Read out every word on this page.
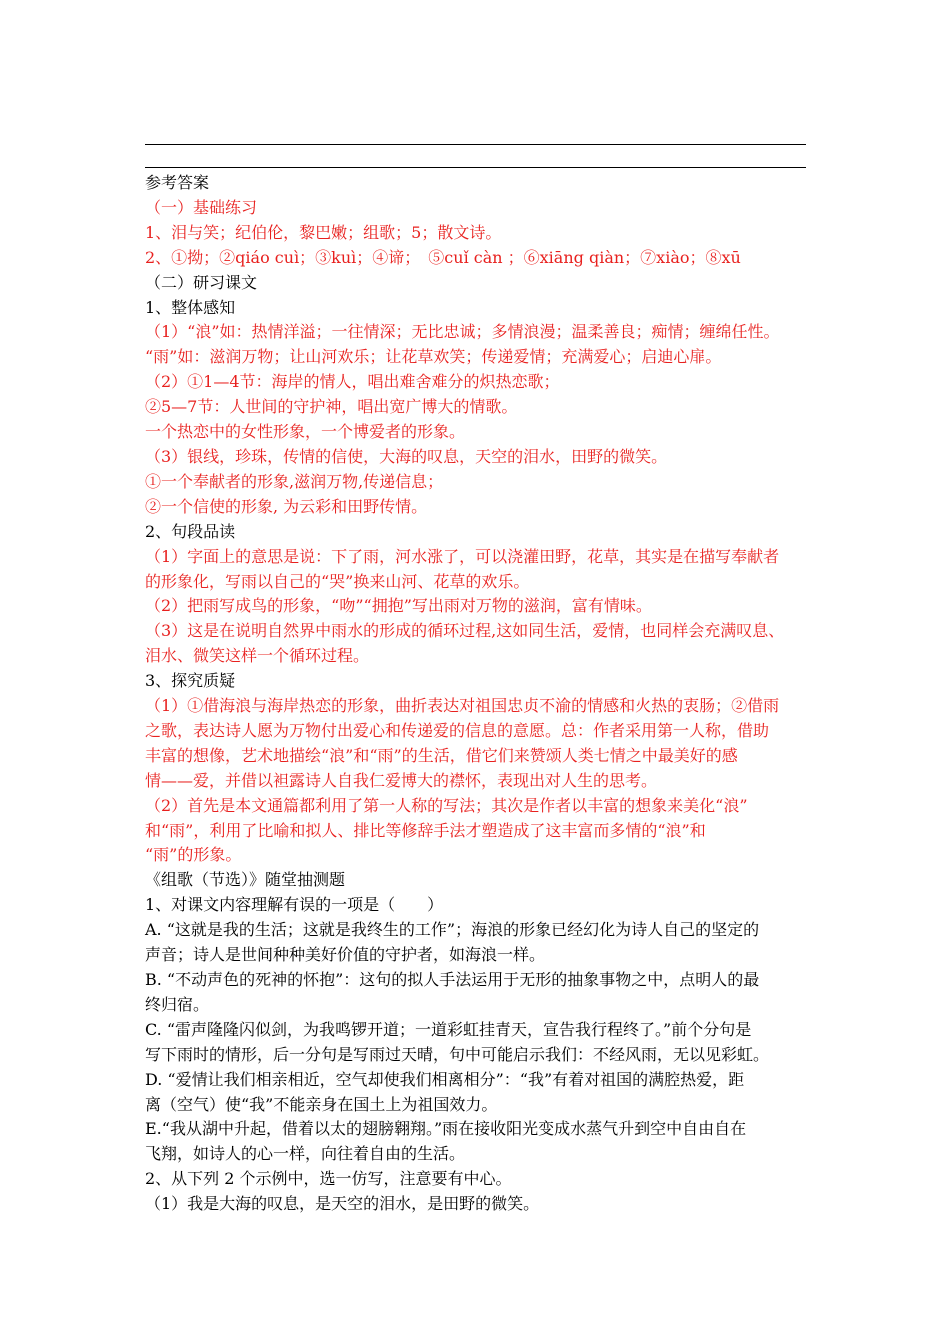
参考答案
（一）基础练习
1、泪与笑；纪伯伦，黎巴嫩；组歌；5；散文诗。
2、①拗；②qiáo cuì；③kuì；④谛；　⑤cuǐ càn ；⑥xiāng qiàn；⑦xiào；⑧xū
（二）研习课文
1、整体感知
（1）“浪”如：热情洋溢；一往情深；无比忠诚；多情浪漫；温柔善良；痴情；缠绵任性。
“雨”如：滋润万物；让山河欢乐；让花草欢笑；传递爱情；充满爱心；启迪心扉。
（2）①1—4节：海岸的情人，唱出难舍难分的炽热恋歌；
②5—7节：人世间的守护神，唱出宽广博大的情歌。
一个热恋中的女性形象，一个博爱者的形象。
（3）银线，珍珠，传情的信使，大海的叹息，天空的泪水，田野的微笑。
①一个奉献者的形象,滋润万物,传递信息；
②一个信使的形象, 为云彩和田野传情。
2、句段品读
（1）字面上的意思是说：下了雨，河水涨了，可以浇灌田野，花草，其实是在描写奉献者
的形象化，写雨以自己的“哭”换来山河、花草的欢乐。
（2）把雨写成鸟的形象，“吻”“拥抱”写出雨对万物的滋润，富有情味。
（3）这是在说明自然界中雨水的形成的循环过程,这如同生活，爱情，也同样会充满叹息、
泪水、微笑这样一个循环过程。
3、探究质疑
（1）①借海浪与海岸热恋的形象，曲折表达对祖国忠贞不渝的情感和火热的衷肠；②借雨
之歌，表达诗人愿为万物付出爱心和传递爱的信息的意愿。总：作者采用第一人称，借助
丰富的想像，艺术地描绘“浪”和“雨”的生活，借它们来赞颂人类七情之中最美好的感
情——爱，并借以袒露诗人自我仁爱博大的襟怀，表现出对人生的思考。
（2）首先是本文通篇都利用了第一人称的写法；其次是作者以丰富的想象来美化“浪”
和“雨”，利用了比喻和拟人、排比等修辞手法才塑造成了这丰富而多情的“浪”和
“雨”的形象。
《组歌（节选）》随堂抽测题
1、对课文内容理解有误的一项是（　　）
A. “这就是我的生活；这就是我终生的工作”；海浪的形象已经幻化为诗人自己的坚定的
声音；诗人是世间种种美好价值的守护者，如海浪一样。
B. “不动声色的死神的怀抱”：这句的拟人手法运用于无形的抽象事物之中，点明人的最
终归宿。
C. “雷声隆隆闪似剑，为我鸣锣开道；一道彩虹挂青天，宣告我行程终了。”前个分句是
写下雨时的情形，后一分句是写雨过天晴，句中可能启示我们：不经风雨，无以见彩虹。
D. “爱情让我们相亲相近，空气却使我们相离相分”：“我”有着对祖国的满腔热爱，距
离（空气）使“我”不能亲身在国土上为祖国效力。
E.“我从湖中升起，借着以太的翅膀翱翔。”雨在接收阳光变成水蒸气升到空中自由自在
飞翔，如诗人的心一样，向往着自由的生活。
2、从下列 2 个示例中，选一仿写，注意要有中心。
（1）我是大海的叹息，是天空的泪水，是田野的微笑。
